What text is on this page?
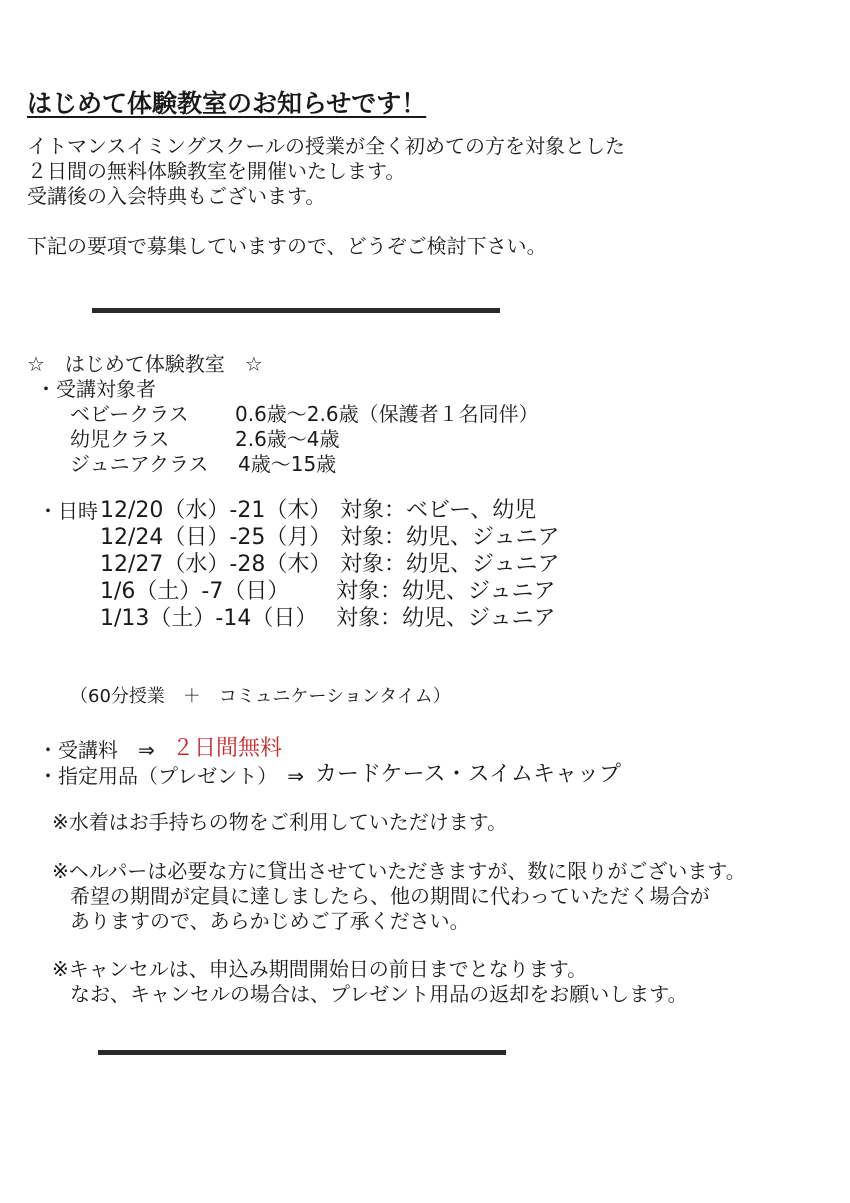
はじめて体験教室のお知らせです！
イトマンスイミングスクールの授業が全く初めての方を対象とした
２日間の無料体験教室を開催いたします。
受講後の入会特典もございます。
下記の要項で募集していますので、どうぞご検討下さい。
☆　はじめて体験教室　☆
・受講対象者
ベビークラス 0.6歳～2.6歳（保護者１名同伴）
幼児クラス	2.6歳～4歳
ジュニアクラス 4歳～15歳
・日時 12/20（水）-21（木） 対象：ベビー、幼児
12/24（日）-25（月） 対象：幼児、ジュニア
12/27（水）-28（木） 対象：幼児、ジュニア
1/6（土）-7（日） 対象：幼児、ジュニア
1/13（土）-14（日） 対象：幼児、ジュニア
（60分授業　＋　コミュニケーションタイム）
・受講料　⇒ ２日間無料
・指定用品（プレゼント）　⇒ カードケース・スイムキャップ
※水着はお手持ちの物をご利用していただけます。
※ヘルパーは必要な方に貸出させていただきますが、数に限りがございます。
希望の期間が定員に達しましたら、他の期間に代わっていただく場合が
ありますので、あらかじめご了承ください。
※キャンセルは、申込み期間開始日の前日までとなります。
なお、キャンセルの場合は、プレゼント用品の返却をお願いします。
